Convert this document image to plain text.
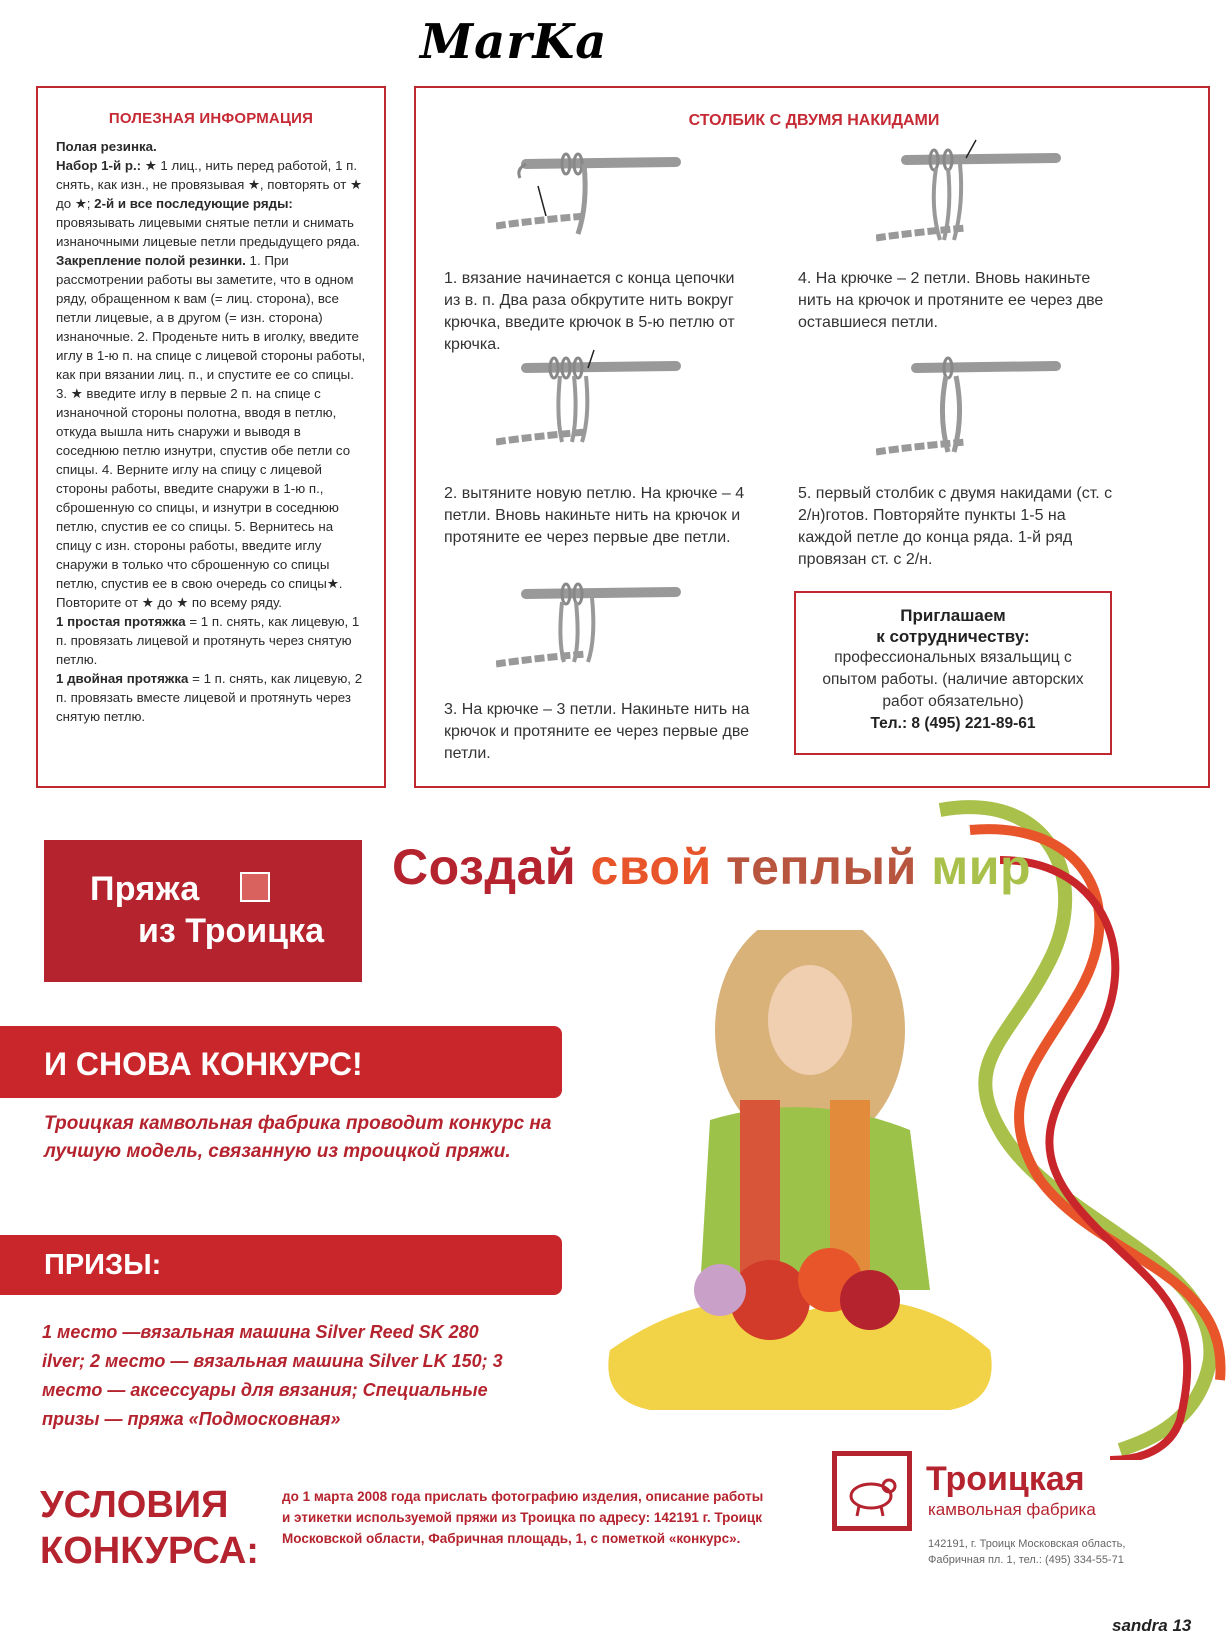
MarKa
ПОЛЕЗНАЯ ИНФОРМАЦИЯ

Полая резинка.

Набор 1-й р.: ★ 1 лиц., нить перед работой, 1 п. снять, как изн., не провязывая ★, повторять от ★ до ★; 2-й и все последующие ряды: провязывать лицевыми снятые петли и снимать изнаночными лицевые петли предыдущего ряда.

Закрепление полой резинки. 1. При рассмотрении работы вы заметите, что в одном ряду, обращенном к вам (= лиц. сторона), все петли лицевые, а в другом (= изн. сторона) изнаночные. 2. Проденьте нить в иголку, введите иглу в 1-ю п. на спице с лицевой стороны работы, как при вязании лиц. п., и спустите ее со спицы. 3. ★ введите иглу в первые 2 п. на спице с изнаночной стороны полотна, вводя в петлю, откуда вышла нить снаружи и выводя в соседнюю петлю изнутри, спустив обе петли со спицы. 4. Верните иглу на спицу с лицевой стороны работы, введите снаружи в 1-ю п., сброшенную со спицы, и изнутри в соседнюю петлю, спустив ее со спицы. 5. Вернитесь на спицу с изн. стороны работы, введите иглу снаружи в только что сброшенную со спицы петлю, спустив ее в свою очередь со спицы★. Повторите от ★ до ★ по всему ряду.

1 простая протяжка = 1 п. снять, как лицевую, 1 п. провязать лицевой и протянуть через снятую петлю.

1 двойная протяжка = 1 п. снять, как лицевую, 2 п. провязать вместе лицевой и протянуть через снятую петлю.

СТОЛБИК С ДВУМЯ НАКИДАМИ
1. вязание начинается с конца цепочки из в. п. Два раза обкрутите нить вокруг крючка, введите крючок в 5-ю петлю от крючка.
2. вытяните новую петлю. На крючке – 4 петли. Вновь накиньте нить на крючок и протяните ее через первые две петли.
3. На крючке – 3 петли. Накиньте нить на крючок и протяните ее через первые две петли.
4. На крючке – 2 петли. Вновь накиньте нить на крючок и протяните ее через две оставшиеся петли.
5. первый столбик с двумя накидами (ст. с 2/н)готов. Повторяйте пункты 1-5 на каждой петле до конца ряда. 1-й ряд провязан ст. с 2/н.
Приглашаем
к сотрудничеству:
профессиональных вязальщиц с опытом работы. (наличие авторских работ обязательно)
Тел.: 8 (495) 221-89-61
Пряжа
из Троицка
Создай свой теплый мир
И СНОВА КОНКУРС!
Троицкая камвольная фабрика проводит конкурс на лучшую модель, связанную из троицкой пряжи.
ПРИЗЫ:
1 место —вязальная машина Silver Reed SK 280 ilver; 2 место — вязальная машина Silver LK 150; 3 место — аксессуары для вязания; Специальные призы — пряжа «Подмосковная»
УСЛОВИЯ
КОНКУРСА:
до 1 марта 2008 года прислать фотографию изделия, описание работы и этикетки используемой пряжи из Троицка по адресу: 142191 г. Троицк Московской области, Фабричная площадь, 1, с пометкой «конкурс».
Троицкая
камвольная фабрика
142191, г. Троицк Московская область,
Фабричная пл. 1, тел.: (495) 334-55-71
sandra 13
